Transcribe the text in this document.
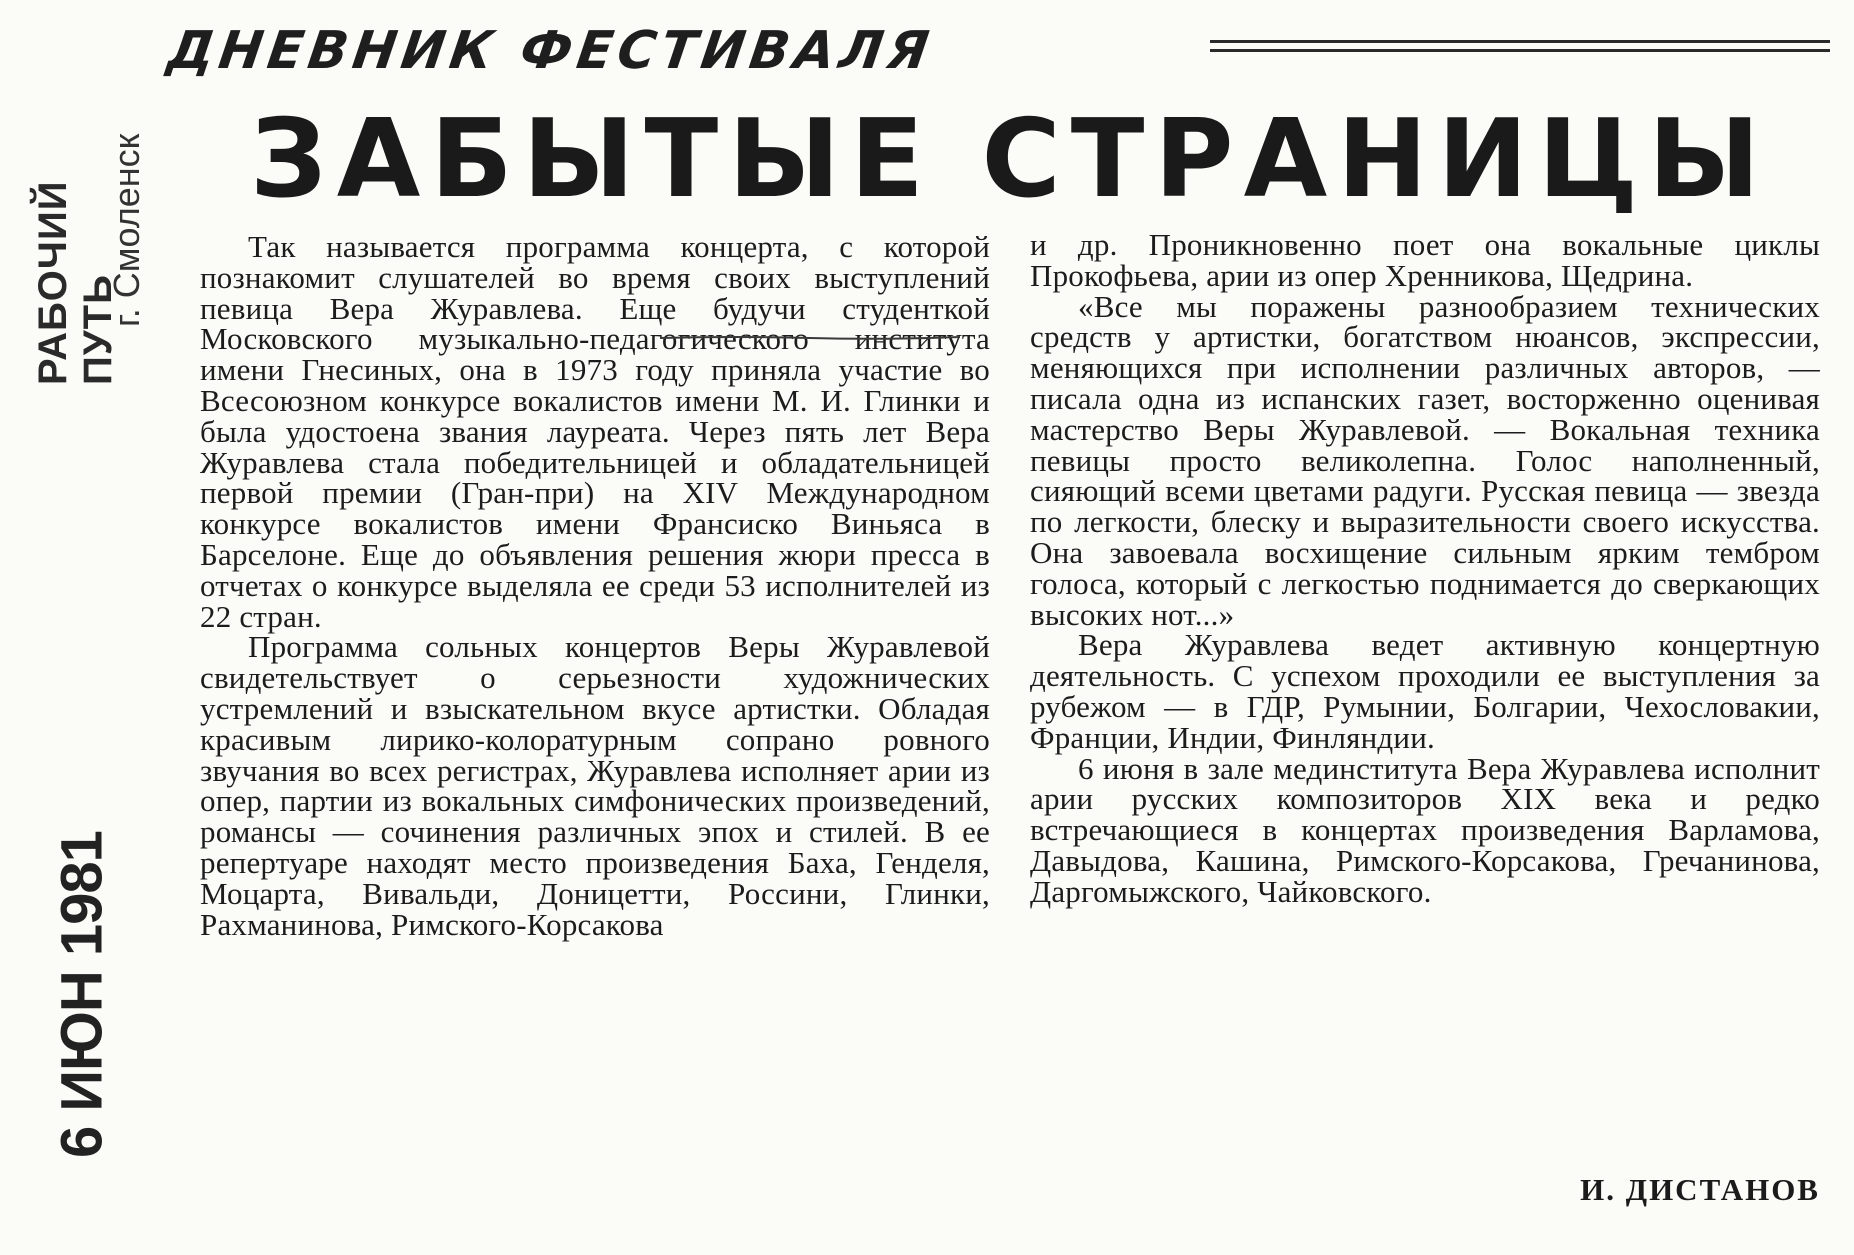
РАБОЧИЙ ПУТЬ
г. Смоленск
6 ИЮН 1981
ДНЕВНИК ФЕСТИВАЛЯ
ЗАБЫТЫЕ СТРАНИЦЫ

Так называется программа концерта, с которой познакомит слушателей во время своих выступлений певица Вера Журавлева. Еще будучи студенткой Московского музыкально-педагогического института имени Гнесиных, она в 1973 году приняла участие во Всесоюзном конкурсе вокалистов имени М. И. Глинки и была удостоена звания лауреата. Через пять лет Вера Журавлева стала победительницей и обладательницей первой премии (Гран-при) на XIV Международном конкурсе вокалистов имени Франсиско Виньяса в Барселоне. Еще до объявления решения жюри пресса в отчетах о конкурсе выделяла ее среди 53 исполнителей из 22 стран.

Программа сольных концертов Веры Журавлевой свидетельствует о серьезности художнических устремлений и взыскательном вкусе артистки. Обладая красивым лирико-колоратурным сопрано ровного звучания во всех регистрах, Журавлева исполняет арии из опер, партии из вокальных симфонических произведений, романсы — сочинения различных эпох и стилей. В ее репертуаре находят место произведения Баха, Генделя, Моцарта, Вивальди, Доницетти, Россини, Глинки, Рахманинова, Римского-Корсакова

и др. Проникновенно поет она вокальные циклы Прокофьева, арии из опер Хренникова, Щедрина.

«Все мы поражены разнообразием технических средств у артистки, богатством нюансов, экспрессии, меняющихся при исполнении различных авторов, — писала одна из испанских газет, восторженно оценивая мастерство Веры Журавлевой. — Вокальная техника певицы просто великолепна. Голос наполненный, сияющий всеми цветами радуги. Русская певица — звезда по легкости, блеску и выразительности своего искусства. Она завоевала восхищение сильным ярким тембром голоса, который с легкостью поднимается до сверкающих высоких нот...»

Вера Журавлева ведет активную концертную деятельность. С успехом проходили ее выступления за рубежом — в ГДР, Румынии, Болгарии, Чехословакии, Франции, Индии, Финляндии.

6 июня в зале мединститута Вера Журавлева исполнит арии русских композиторов XIX века и редко встречающиеся в концертах произведения Варламова, Давыдова, Кашина, Римского-Корсакова, Гречанинова, Даргомыжского, Чайковского.

И. ДИСТАНОВ
